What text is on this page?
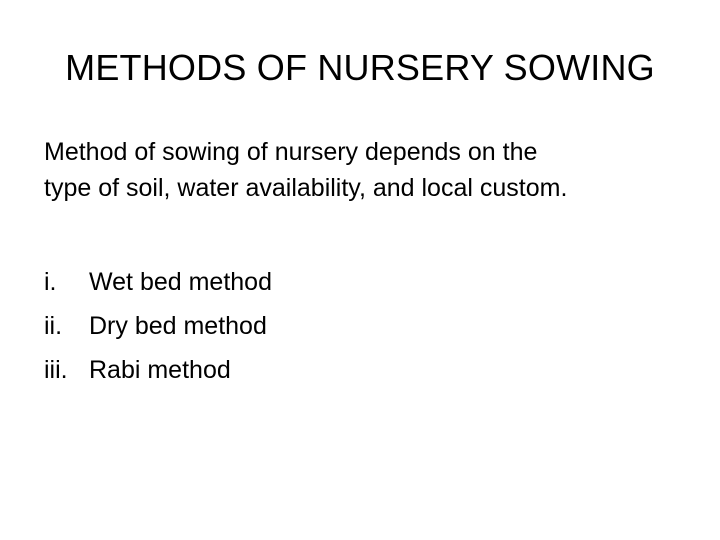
METHODS OF NURSERY SOWING
Method of sowing of nursery depends on the
type of soil, water availability, and local custom.
i. Wet bed method
ii. Dry bed method
iii. Rabi method
